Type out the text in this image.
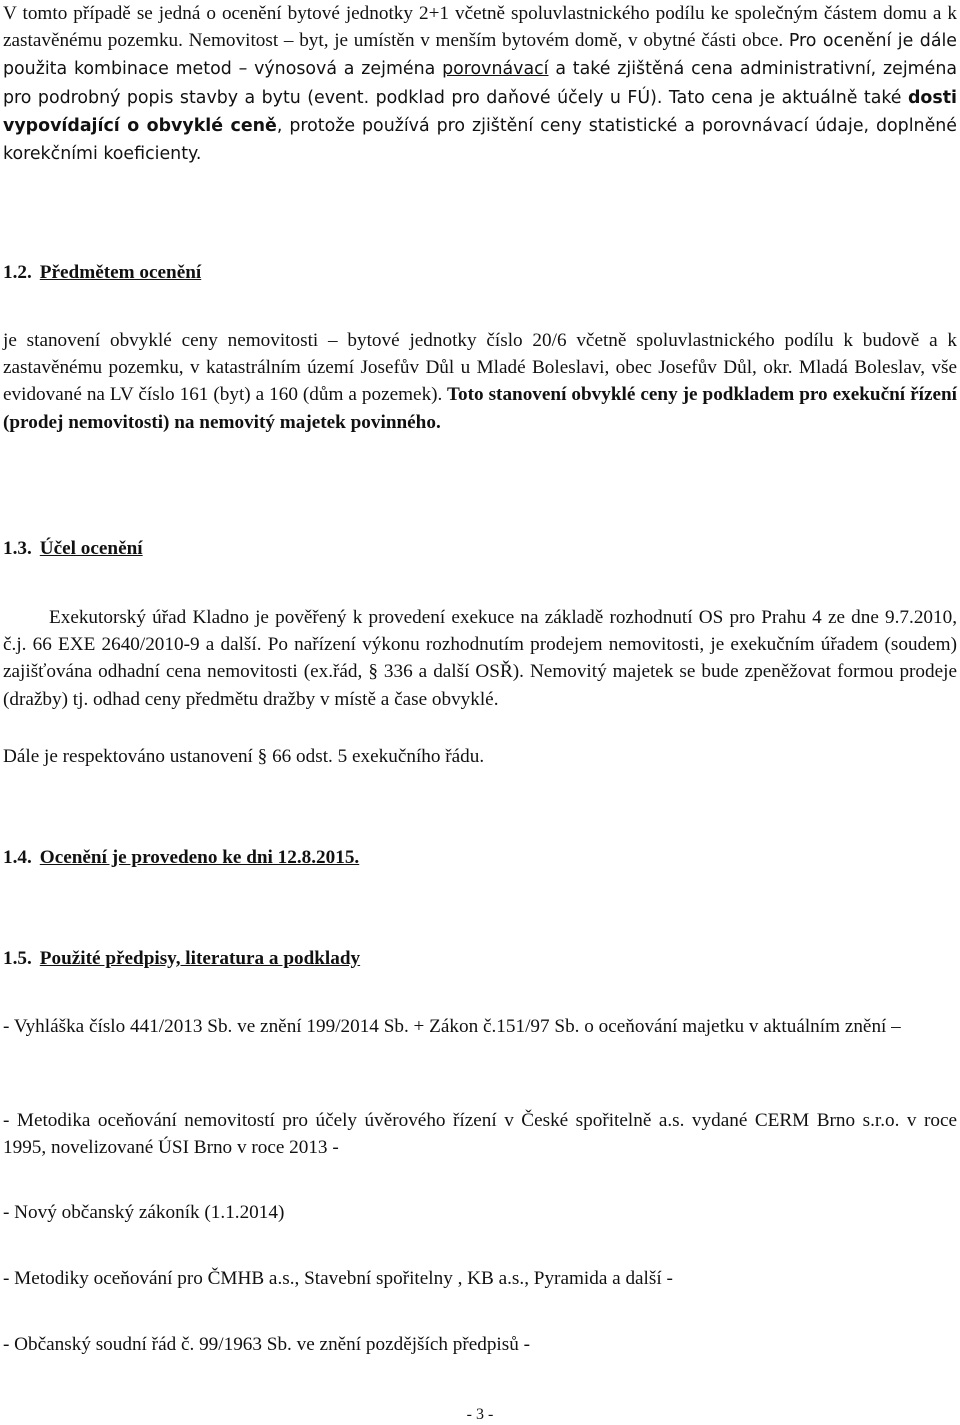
V tomto případě se jedná o ocenění bytové jednotky 2+1 včetně spoluvlastnického podílu ke společným částem domu a k zastavěnému pozemku. Nemovitost – byt, je umístěn v menším bytovém domě, v obytné části obce. Pro ocenění je dále použita kombinace metod – výnosová a zejména porovnávací a také zjištěná cena administrativní, zejména pro podrobný popis stavby a bytu (event. podklad pro daňové účely u FÚ). Tato cena je aktuálně také dosti vypovídající o obvyklé ceně, protože používá pro zjištění ceny statistické a porovnávací údaje, doplněné korekčními koeficienty.

1.2. Předmětem ocenění

je stanovení obvyklé ceny nemovitosti – bytové jednotky číslo 20/6 včetně spoluvlastnického podílu k budově a k zastavěnému pozemku, v katastrálním území Josefův Důl u Mladé Boleslavi, obec Josefův Důl, okr. Mladá Boleslav, vše evidované na LV číslo 161 (byt) a 160 (dům a pozemek). Toto stanovení obvyklé ceny je podkladem pro exekuční řízení (prodej nemovitosti) na nemovitý majetek povinného.

1.3. Účel ocenění

Exekutorský úřad Kladno je pověřený k provedení exekuce na základě rozhodnutí OS pro Prahu 4 ze dne 9.7.2010, č.j. 66 EXE 2640/2010-9 a další. Po nařízení výkonu rozhodnutím prodejem nemovitosti, je exekučním úřadem (soudem) zajišťována odhadní cena nemovitosti (ex.řád, § 336 a další OSŘ). Nemovitý majetek se bude zpeněžovat formou prodeje (dražby) tj. odhad ceny předmětu dražby v místě a čase obvyklé.

Dále je respektováno ustanovení § 66 odst. 5 exekučního řádu.

1.4. Ocenění je provedeno ke dni 12.8.2015.
1.5. Použité předpisy, literatura a podklady

- Vyhláška číslo 441/2013 Sb. ve znění 199/2014 Sb. + Zákon č.151/97 Sb. o oceňování majetku v aktuálním znění –

- Metodika oceňování nemovitostí pro účely úvěrového řízení v České spořitelně a.s. vydané CERM Brno s.r.o. v roce 1995, novelizované ÚSI Brno v roce 2013 -

- Nový občanský zákoník (1.1.2014)

- Metodiky oceňování pro ČMHB a.s., Stavební spořitelny , KB a.s., Pyramida a další -

- Občanský soudní řád č. 99/1963 Sb. ve znění pozdějších předpisů -

- 3 -
